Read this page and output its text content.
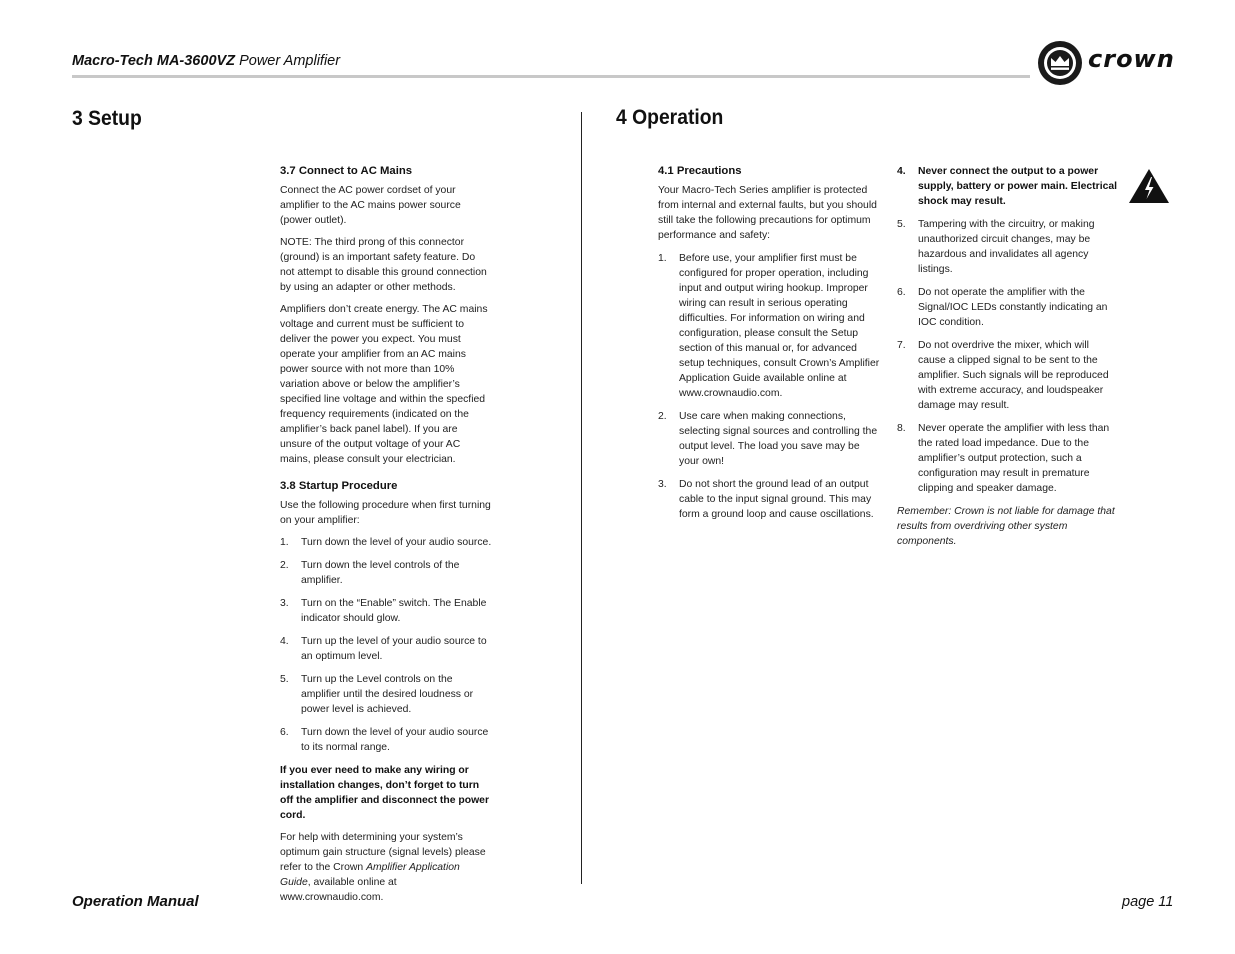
Macro-Tech MA-3600VZ Power Amplifier	crown
3 Setup	4 Operation
3.7 Connect to AC Mains

Connect the AC power cordset of your amplifier to the AC mains power source (power outlet).

NOTE: The third prong of this connector (ground) is an important safety feature. Do not attempt to disable this ground connection by using an adapter or other methods.

Amplifiers don’t create energy. The AC mains voltage and current must be sufficient to deliver the power you expect. You must operate your amplifier from an AC mains power source with not more than 10% variation above or below the amplifier’s specified line voltage and within the specfied frequency requirements (indicated on the amplifier’s back panel label). If you are unsure of the output voltage of your AC mains, please consult your electrician.

3.8 Startup Procedure

Use the following procedure when first turning on your amplifier:

1. Turn down the level of your audio source.
2. Turn down the level controls of the amplifier.
3. Turn on the “Enable” switch. The Enable indicator should glow.
4. Turn up the level of your audio source to an optimum level.
5. Turn up the Level controls on the amplifier until the desired loudness or power level is achieved.
6. Turn down the level of your audio source to its normal range.

If you ever need to make any wiring or installation changes, don’t forget to turn off the amplifier and disconnect the power cord.

For help with determining your system’s optimum gain structure (signal levels) please refer to the Crown Amplifier Application Guide, available online at www.crownaudio.com.

4.1 Precautions

Your Macro-Tech Series amplifier is protected from internal and external faults, but you should still take the following precautions for optimum performance and safety:

1. Before use, your amplifier first must be configured for proper operation, including input and output wiring hookup. Improper wiring can result in serious operating difficulties. For information on wiring and configuration, please consult the Setup section of this manual or, for advanced setup techniques, consult Crown’s Amplifier Application Guide available online at www.crownaudio.com.
2. Use care when making connections, selecting signal sources and controlling the output level. The load you save may be your own!
3. Do not short the ground lead of an output cable to the input signal ground. This may form a ground loop and cause oscillations.
4. Never connect the output to a power supply, battery or power main. Electrical shock may result.
5. Tampering with the circuitry, or making unauthorized circuit changes, may be hazardous and invalidates all agency listings.
6. Do not operate the amplifier with the Signal/IOC LEDs constantly indicating an IOC condition.
7. Do not overdrive the mixer, which will cause a clipped signal to be sent to the amplifier. Such signals will be reproduced with extreme accuracy, and loudspeaker damage may result.
8. Never operate the amplifier with less than the rated load impedance. Due to the amplifier’s output protection, such a configuration may result in premature clipping and speaker damage.

Remember: Crown is not liable for damage that results from overdriving other system components.

Operation Manual	page 11
